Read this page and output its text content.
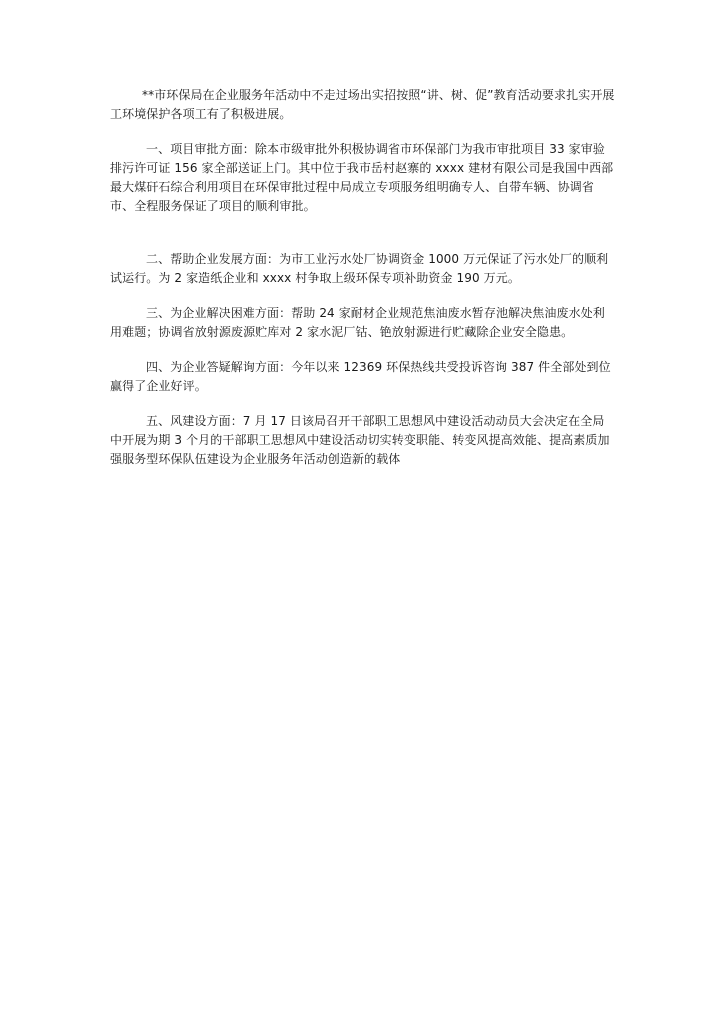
**市环保局在企业服务年活动中不走过场出实招按照“讲、树、促”教育活动要求扎实开展工环境保护各项工有了积极进展。

一、项目审批方面：除本市级审批外积极协调省市环保部门为我市审批项目 33 家审验排污许可证 156 家全部送证上门。其中位于我市岳村赵寨的 xxxx 建材有限公司是我国中西部最大煤矸石综合利用项目在环保审批过程中局成立专项服务组明确专人、自带车辆、协调省市、全程服务保证了项目的顺利审批。

二、帮助企业发展方面：为市工业污水处厂协调资金 1000 万元保证了污水处厂的顺利试运行。为 2 家造纸企业和 xxxx 村争取上级环保专项补助资金 190 万元。

三、为企业解决困难方面：帮助 24 家耐材企业规范焦油废水暂存池解决焦油废水处利用难题；协调省放射源废源贮库对 2 家水泥厂钴、铯放射源进行贮藏除企业安全隐患。

四、为企业答疑解询方面：今年以来 12369 环保热线共受投诉咨询 387 件全部处到位赢得了企业好评。

五、风建设方面：7 月 17 日该局召开干部职工思想风中建设活动动员大会决定在全局中开展为期 3 个月的干部职工思想风中建设活动切实转变职能、转变风提高效能、提高素质加强服务型环保队伍建设为企业服务年活动创造新的载体
